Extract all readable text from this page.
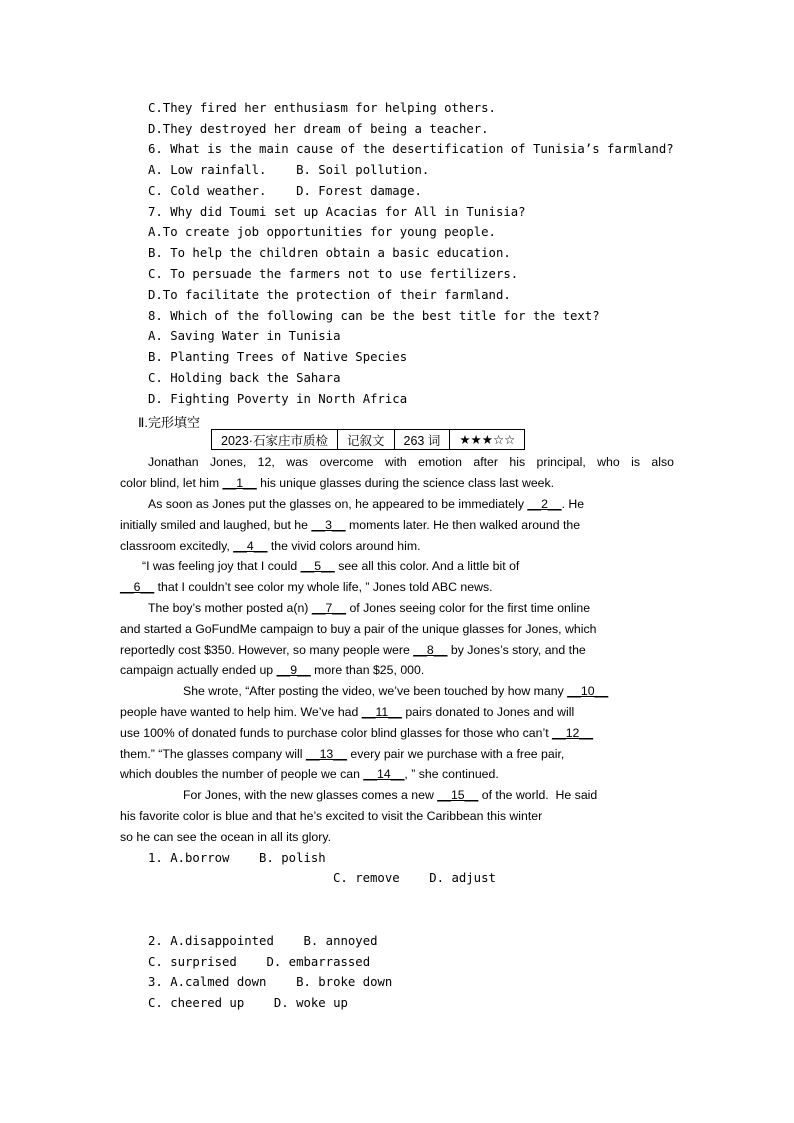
C.They fired her enthusiasm for helping others.
D.They destroyed her dream of being a teacher.
6. What is the main cause of the desertification of Tunisia’s farmland?
A. Low rainfall.    B. Soil pollution.
C. Cold weather.    D. Forest damage.
7. Why did Toumi set up Acacias for All in Tunisia?
A.To create job opportunities for young people.
B. To help the children obtain a basic education.
C. To persuade the farmers not to use fertilizers.
D.To facilitate the protection of their farmland.
8. Which of the following can be the best title for the text?
A. Saving Water in Tunisia
B. Planting Trees of Native Species
C. Holding back the Sahara
D. Fighting Poverty in North Africa
Ⅱ.完形填空
2023·石家庄市质检	记叙文	263 词	★★★☆☆
Jonathan Jones, 12, was overcome with emotion after his principal, who is also
color blind, let him __1__ his unique glasses during the science class last week.
As soon as Jones put the glasses on, he appeared to be immediately __2__. He
initially smiled and laughed, but he __3__ moments later. He then walked around the
classroom excitedly, __4__ the vivid colors around him.
“I was feeling joy that I could __5__ see all this color. And a little bit of
__6__ that I couldn’t see color my whole life, ” Jones told ABC news.
The boy’s mother posted a(n) __7__ of Jones seeing color for the first time online
and started a GoFundMe campaign to buy a pair of the unique glasses for Jones, which
reportedly cost $350. However, so many people were __8__ by Jones’s story, and the
campaign actually ended up __9__ more than $25, 000.
She wrote, “After posting the video, we’ve been touched by how many __10__
people have wanted to help him. We’ve had __11__ pairs donated to Jones and will
use 100% of donated funds to purchase color blind glasses for those who can’t __12__
them.” “The glasses company will __13__ every pair we purchase with a free pair,
which doubles the number of people we can __14__, ” she continued.
For Jones, with the new glasses comes a new __15__ of the world.  He said
his favorite color is blue and that he’s excited to visit the Caribbean this winter
so he can see the ocean in all its glory.
1. A.borrow    B. polish
C. remove    D. adjust
2. A.disappointed    B. annoyed
C. surprised    D. embarrassed
3. A.calmed down    B. broke down
C. cheered up    D. woke up
